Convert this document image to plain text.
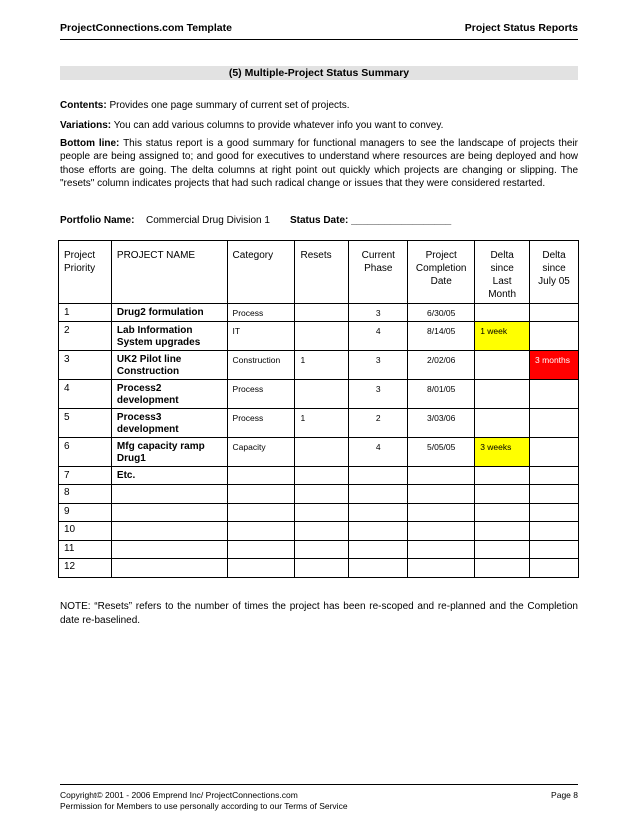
ProjectConnections.com Template	Project Status Reports
(5) Multiple-Project Status Summary
Contents: Provides one page summary of current set of projects.
Variations: You can add various columns to provide whatever info you want to convey.
Bottom line: This status report is a good summary for functional managers to see the landscape of projects their people are being assigned to; and good for executives to understand where resources are being deployed and how those efforts are going. The delta columns at right point out quickly which projects are changing or slipping. The "resets" column indicates projects that had such radical change or issues that they were considered restarted.
Portfolio Name: Commercial Drug Division 1 Status Date: __________________
Project Priority	PROJECT NAME	Category	Resets	Current Phase	Project Completion Date	Delta since Last Month	Delta since July 05
1	Drug2 formulation	Process		3	6/30/05		
2	Lab Information System upgrades	IT		4	8/14/05	1 week	
3	UK2 Pilot line Construction	Construction	1	3	2/02/06		3 months
4	Process2 development	Process		3	8/01/05		
5	Process3 development	Process	1	2	3/03/06		
6	Mfg capacity ramp Drug1	Capacity		4	5/05/05	3 weeks	
7	Etc.						
8							
9							
10							
11							
12							
NOTE: “Resets” refers to the number of times the project has been re-scoped and re-planned and the Completion date re-baselined.
Copyright© 2001 - 2006 Emprend Inc/ ProjectConnections.com
Permission for Members to use personally according to our Terms of Service
Page 8
